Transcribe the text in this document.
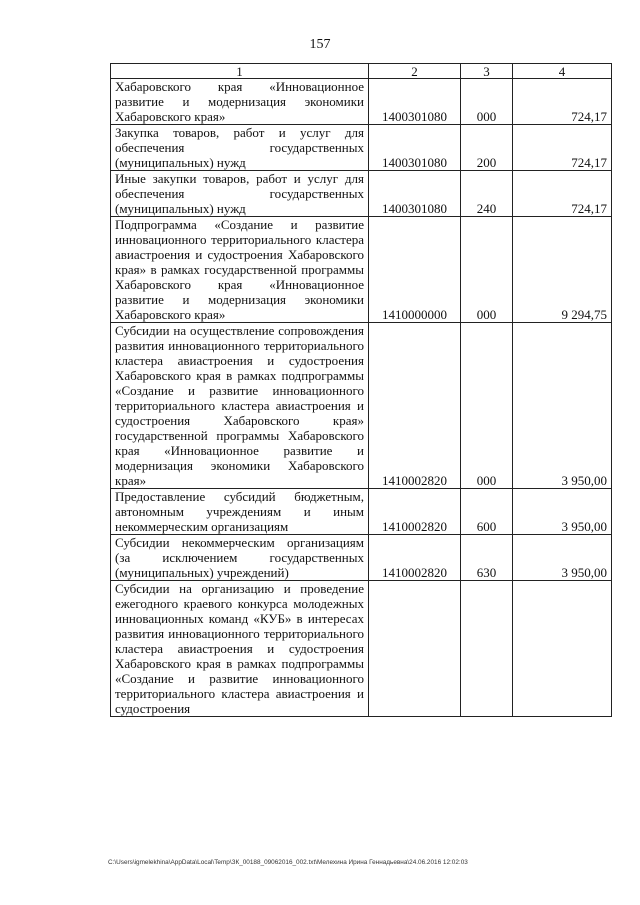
157
1	2	3	4
Хабаровского края «Инновационное развитие и модернизация экономики Хабаровского края»	1400301080	000	724,17
Закупка товаров, работ и услуг для обеспечения государственных (муниципальных) нужд	1400301080	200	724,17
Иные закупки товаров, работ и услуг для обеспечения государственных (муниципальных) нужд	1400301080	240	724,17
Подпрограмма «Создание и развитие инновационного территориального кластера авиастроения и судостроения Хабаровского края» в рамках государственной программы Хабаровского края «Инновационное развитие и модернизация экономики Хабаровского края»	1410000000	000	9 294,75
Субсидии на осуществление сопровождения развития инновационного территориального кластера авиастроения и судостроения Хабаровского края в рамках подпрограммы «Создание и развитие инновационного территориального кластера авиастроения и судостроения Хабаровского края» государственной программы Хабаровского края «Инновационное развитие и модернизация экономики Хабаровского края»	1410002820	000	3 950,00
Предоставление субсидий бюджетным, автономным учреждениям и иным некоммерческим организациям	1410002820	600	3 950,00
Субсидии некоммерческим организациям (за исключением государственных (муниципальных) учреждений)	1410002820	630	3 950,00
Субсидии на организацию и проведение ежегодного краевого конкурса молодежных инновационных команд «КУБ» в интересах развития инновационного территориального кластера авиастроения и судостроения Хабаровского края в рамках подпрограммы «Создание и развитие инновационного территориального кластера авиастроения и судостроения			
C:\Users\igmelekhina\AppData\Local\Temp\ЗК_00188_09062016_002.txt\Мелехина Ирина Геннадьевна\24.06.2016 12:02:03
